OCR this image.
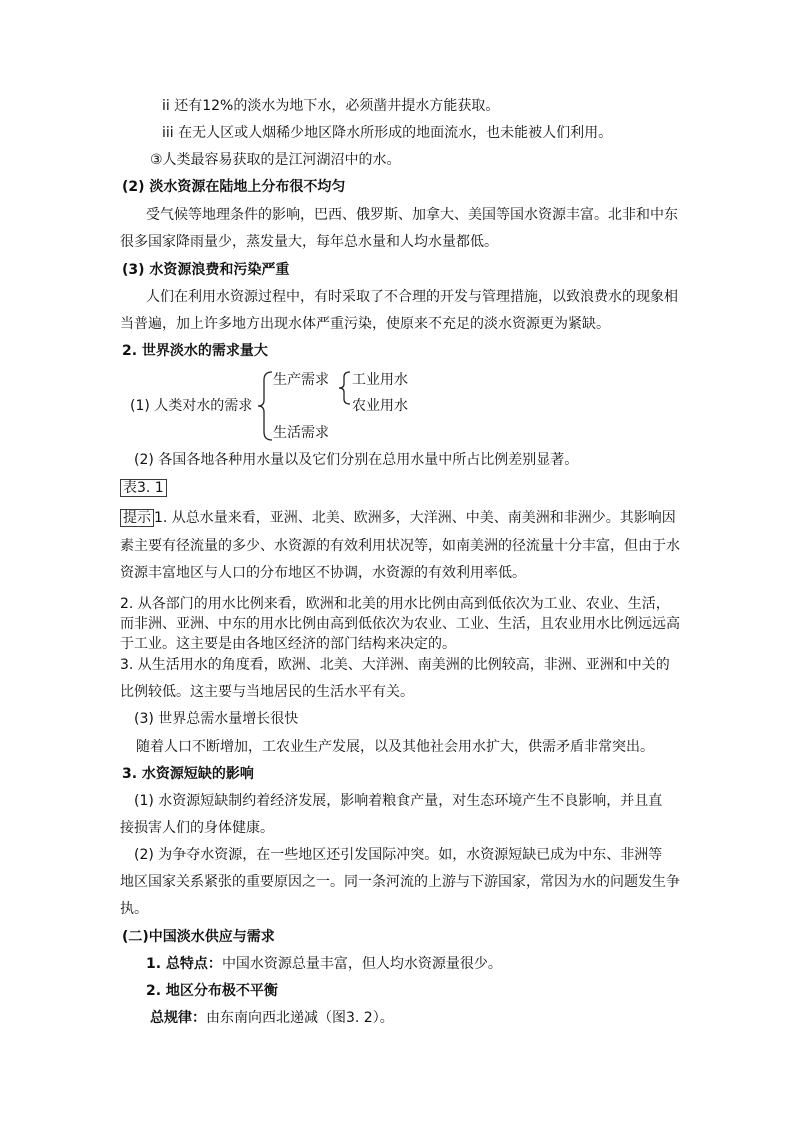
ii 还有12%的淡水为地下水，必须凿井提水方能获取。
iii 在无人区或人烟稀少地区降水所形成的地面流水，也未能被人们利用。
③人类最容易获取的是江河湖沼中的水。
(2) 淡水资源在陆地上分布很不均匀
受气候等地理条件的影响，巴西、俄罗斯、加拿大、美国等国水资源丰富。北非和中东
很多国家降雨量少，蒸发量大，每年总水量和人均水量都低。
(3) 水资源浪费和污染严重
人们在利用水资源过程中，有时采取了不合理的开发与管理措施，以致浪费水的现象相
当普遍，加上许多地方出现水体严重污染，使原来不充足的淡水资源更为紧缺。
2. 世界淡水的需求量大
(1) 人类对水的需求
生产需求 工业用水
农业用水
生活需求
(2) 各国各地各种用水量以及它们分别在总用水量中所占比例差别显著。
表3. 1
提示 1. 从总水量来看，亚洲、北美、欧洲多，大洋洲、中美、南美洲和非洲少。其影响因
素主要有径流量的多少、水资源的有效利用状况等，如南美洲的径流量十分丰富，但由于水
资源丰富地区与人口的分布地区不协调，水资源的有效利用率低。
2. 从各部门的用水比例来看，欧洲和北美的用水比例由高到低依次为工业、农业、生活，
而非洲、亚洲、中东的用水比例由高到低依次为农业、工业、生活，且农业用水比例远远高
于工业。这主要是由各地区经济的部门结构来决定的。
3. 从生活用水的角度看，欧洲、北美、大洋洲、南美洲的比例较高，非洲、亚洲和中关的
比例较低。这主要与当地居民的生活水平有关。
(3) 世界总需水量增长很快
随着人口不断增加，工农业生产发展，以及其他社会用水扩大，供需矛盾非常突出。
3. 水资源短缺的影响
(1) 水资源短缺制约着经济发展，影响着粮食产量，对生态环境产生不良影响，并且直
接损害人们的身体健康。
(2) 为争夺水资源，在一些地区还引发国际冲突。如，水资源短缺已成为中东、非洲等
地区国家关系紧张的重要原因之一。同一条河流的上游与下游国家，常因为水的问题发生争
执。
(二)中国淡水供应与需求
1. 总特点：中国水资源总量丰富，但人均水资源量很少。
2. 地区分布极不平衡
总规律：由东南向西北递减（图3. 2）。
